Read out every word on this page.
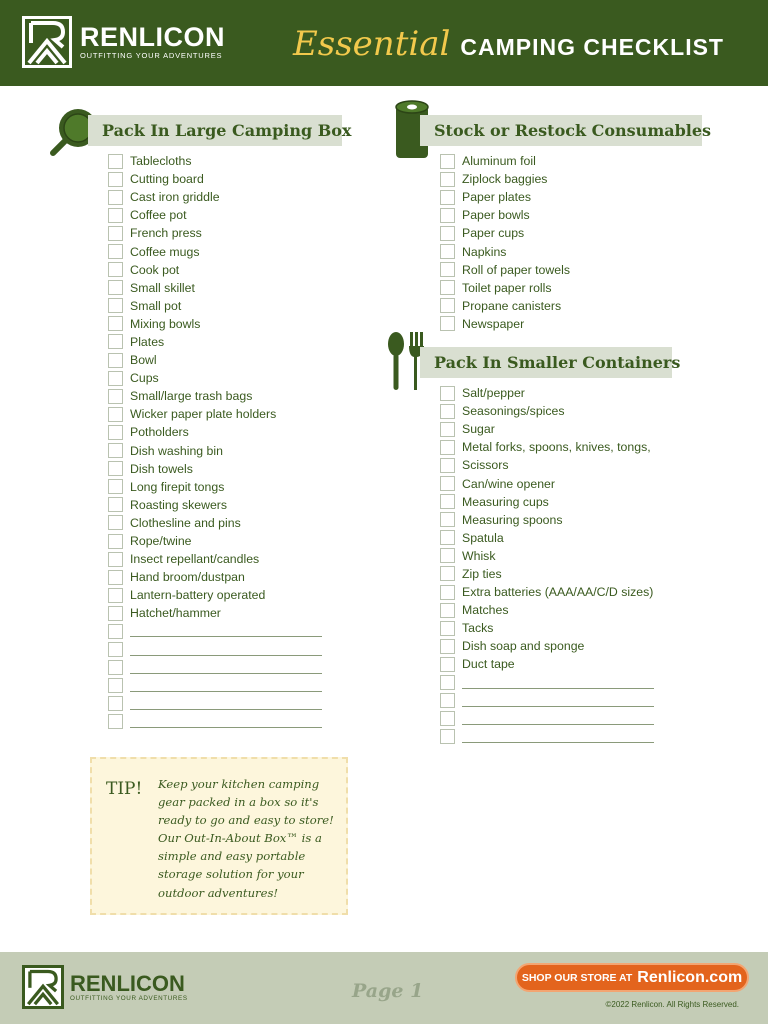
RENLICON
OUTFITTING YOUR ADVENTURES Essential CAMPING CHECKLIST
Pack In Large Camping Box
Tablecloths
Cutting board
Cast iron griddle
Coffee pot
French press
Coffee mugs
Cook pot
Small skillet
Small pot
Mixing bowls
Plates
Bowl
Cups
Small/large trash bags
Wicker paper plate holders
Potholders
Dish washing bin
Dish towels
Long firepit tongs
Roasting skewers
Clothesline and pins
Rope/twine
Insect repellant/candles
Hand broom/dustpan
Lantern-battery operated
Hatchet/hammer
Stock or Restock Consumables
Aluminum foil
Ziplock baggies
Paper plates
Paper bowls
Paper cups
Napkins
Roll of paper towels
Toilet paper rolls
Propane canisters
Newspaper
Pack In Smaller Containers
Salt/pepper
Seasonings/spices
Sugar
Metal forks, spoons, knives, tongs,
Scissors
Can/wine opener
Measuring cups
Measuring spoons
Spatula
Whisk
Zip ties
Extra batteries (AAA/AA/C/D sizes)
Matches
Tacks
Dish soap and sponge
Duct tape
TIP! Keep your kitchen camping gear packed in a box so it's ready to go and easy to store! Our Out-In-About Box™ is a simple and easy portable storage solution for your outdoor adventures!
RENLICON
OUTFITTING YOUR ADVENTURES	Page 1
SHOP OUR STORE AT Renlicon.com
©2022 Renlicon. All Rights Reserved.
